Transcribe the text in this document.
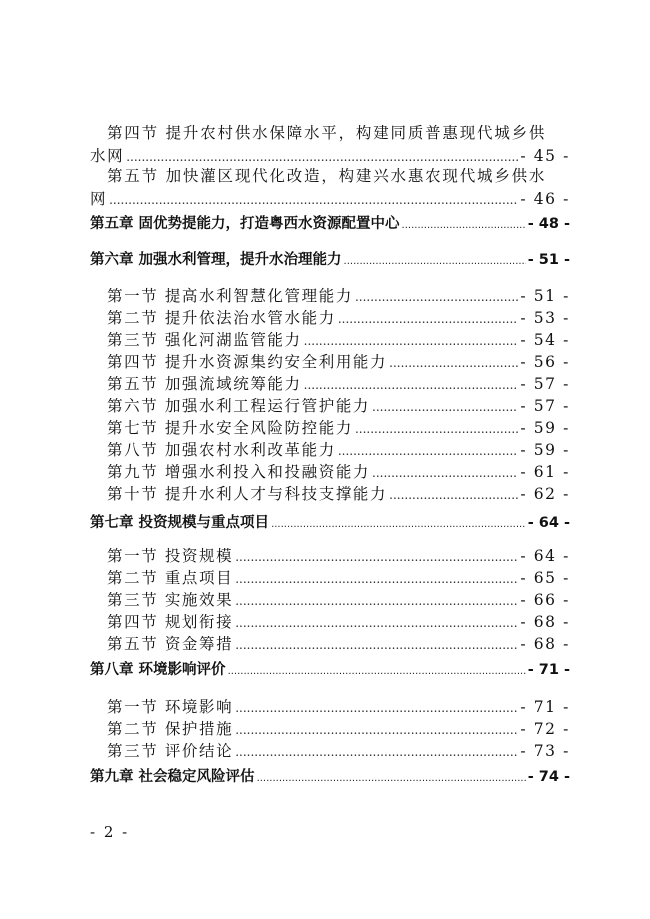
第四节 提升农村供水保障水平，构建同质普惠现代城乡供
水网 .....	- 45 -
第五节 加快灌区现代化改造，构建兴水惠农现代城乡供水
网 .....	- 46 -
第五章 固优势提能力，打造粤西水资源配置中心 .....	- 48 -
第六章 加强水利管理，提升水治理能力 .....	- 51 -
第一节 提高水利智慧化管理能力 .....	- 51 -
第二节 提升依法治水管水能力 .....	- 53 -
第三节 强化河湖监管能力 .....	- 54 -
第四节 提升水资源集约安全利用能力 .....	- 56 -
第五节 加强流域统筹能力 .....	- 57 -
第六节 加强水利工程运行管护能力 .....	- 57 -
第七节 提升水安全风险防控能力 .....	- 59 -
第八节 加强农村水利改革能力 .....	- 59 -
第九节 增强水利投入和投融资能力 .....	- 61 -
第十节 提升水利人才与科技支撑能力 .....	- 62 -
第七章 投资规模与重点项目 .....	- 64 -
第一节 投资规模 .....	- 64 -
第二节 重点项目 .....	- 65 -
第三节 实施效果 .....	- 66 -
第四节 规划衔接 .....	- 68 -
第五节 资金筹措 .....	- 68 -
第八章 环境影响评价 .....	- 71 -
第一节 环境影响 .....	- 71 -
第二节 保护措施 .....	- 72 -
第三节 评价结论 .....	- 73 -
第九章 社会稳定风险评估 .....	- 74 -
- 2 -
